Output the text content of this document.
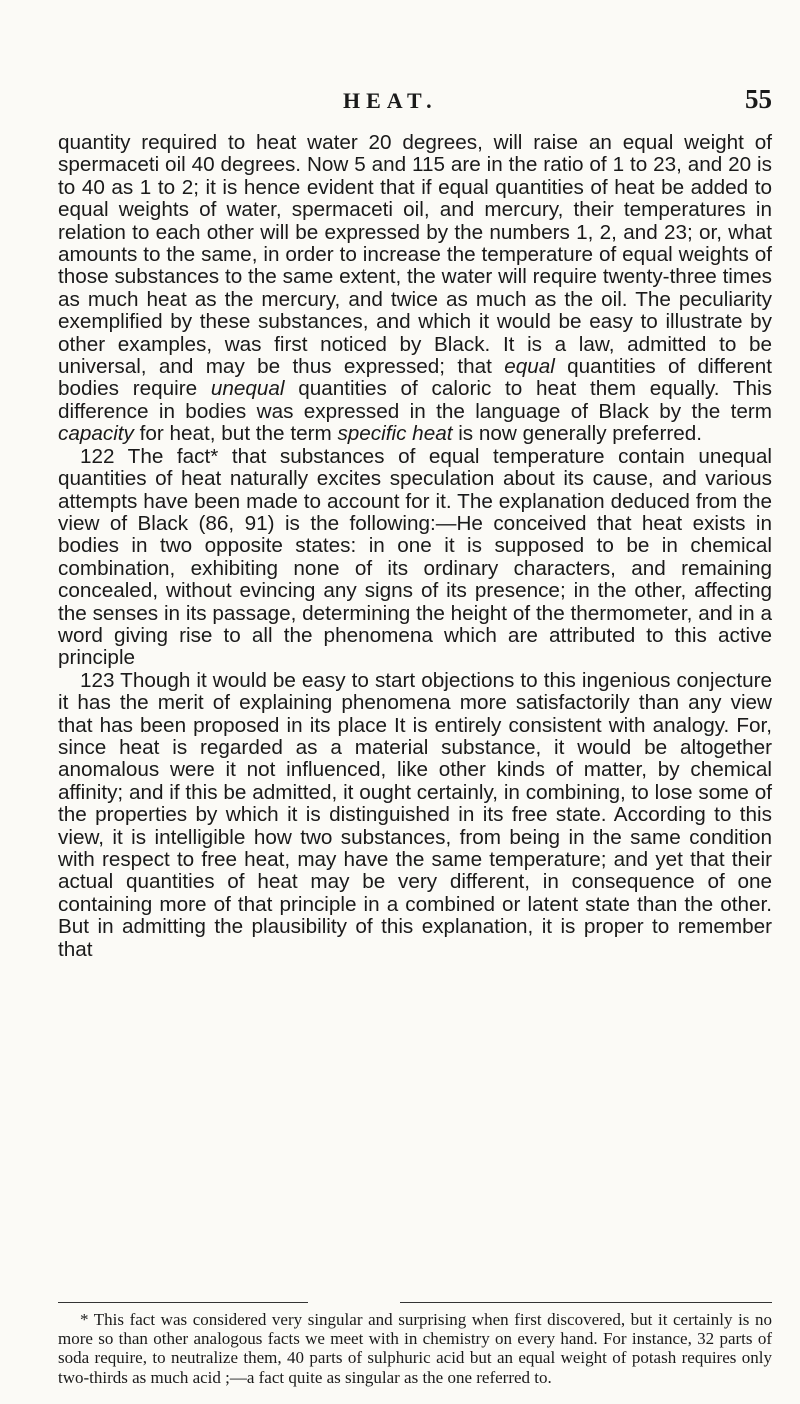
HEAT.	55

quantity required to heat water 20 degrees, will raise an equal weight of spermaceti oil 40 degrees. Now 5 and 115 are in the ratio of 1 to 23, and 20 is to 40 as 1 to 2; it is hence evident that if equal quantities of heat be added to equal weights of water, spermaceti oil, and mercury, their temperatures in relation to each other will be expressed by the numbers 1, 2, and 23; or, what amounts to the same, in order to increase the temperature of equal weights of those substances to the same extent, the water will require twenty-three times as much heat as the mercury, and twice as much as the oil. The peculiarity exemplified by these substances, and which it would be easy to illustrate by other examples, was first noticed by Black. It is a law, admitted to be universal, and may be thus expressed; that equal quantities of different bodies require unequal quantities of caloric to heat them equally. This difference in bodies was expressed in the language of Black by the term capacity for heat, but the term specific heat is now generally preferred.

122 The fact* that substances of equal temperature contain unequal quantities of heat naturally excites speculation about its cause, and various attempts have been made to account for it. The explanation deduced from the view of Black (86, 91) is the following:—He conceived that heat exists in bodies in two opposite states: in one it is supposed to be in chemical combination, exhibiting none of its ordinary characters, and remaining concealed, without evincing any signs of its presence; in the other, affecting the senses in its passage, determining the height of the thermometer, and in a word giving rise to all the phenomena which are attributed to this active principle

123 Though it would be easy to start objections to this ingenious conjecture it has the merit of explaining phenomena more satisfactorily than any view that has been proposed in its place It is entirely consistent with analogy. For, since heat is regarded as a material substance, it would be altogether anomalous were it not influenced, like other kinds of matter, by chemical affinity; and if this be admitted, it ought certainly, in combining, to lose some of the properties by which it is distinguished in its free state. According to this view, it is intelligible how two substances, from being in the same condition with respect to free heat, may have the same temperature; and yet that their actual quantities of heat may be very different, in consequence of one containing more of that principle in a combined or latent state than the other. But in admitting the plausibility of this explanation, it is proper to remember that

* This fact was considered very singular and surprising when first discovered, but it certainly is no more so than other analogous facts we meet with in chemistry on every hand. For instance, 32 parts of soda require, to neutralize them, 40 parts of sulphuric acid but an equal weight of potash requires only two-thirds as much acid ;—a fact quite as singular as the one referred to.
